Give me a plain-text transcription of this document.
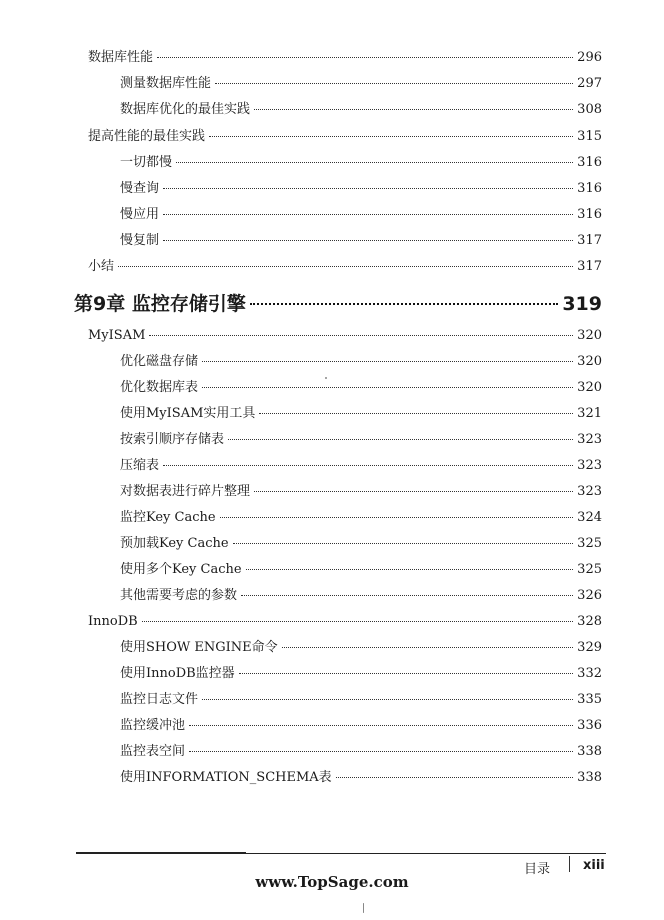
数据库性能	296
测量数据库性能	297
数据库优化的最佳实践	308
提高性能的最佳实践	315
一切都慢	316
慢查询	316
慢应用	316
慢复制	317
小结	317
第9章 监控存储引擎	319
MyISAM	320
优化磁盘存储	320
优化数据库表	320
使用MyISAM实用工具	321
按索引顺序存储表	323
压缩表	323
对数据表进行碎片整理	323
监控Key Cache	324
预加载Key Cache	325
使用多个Key Cache	325
其他需要考虑的参数	326
InnoDB	328
使用SHOW ENGINE命令	329
使用InnoDB监控器	332
监控日志文件	335
监控缓冲池	336
监控表空间	338
使用INFORMATION_SCHEMA表	338
目录	xiii
www.TopSage.com
